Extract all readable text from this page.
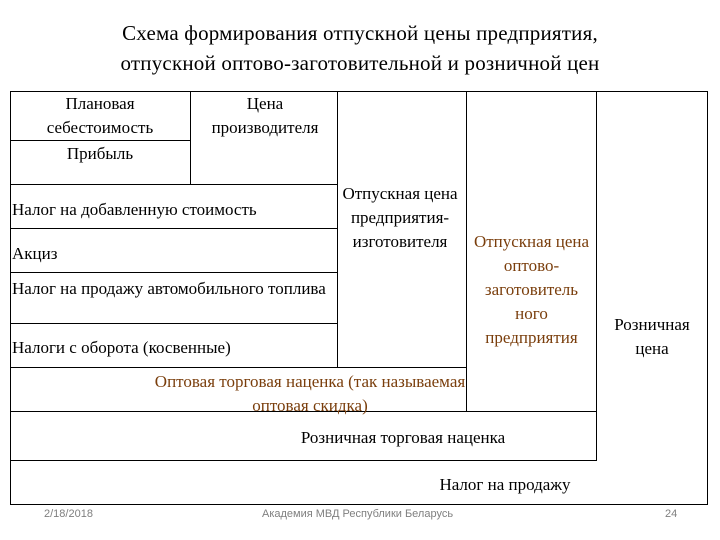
Схема формирования отпускной цены предприятия,
отпускной оптово-заготовительной и розничной цен
Плановая себестоимость
Прибыль
Цена производителя
Налог на добавленную стоимость
Акциз
Налог на продажу автомобильного топлива
Налоги с оборота (косвенные)
Отпускная цена предприятия-изготовителя	Отпускная цена оптово-заготовитель ного предприятия
Розничная цена
Оптовая торговая наценка (так называемая оптовая скидка)
Розничная торговая наценка
Налог на продажу
2/18/2018	Академия МВД Республики Беларусь	24
